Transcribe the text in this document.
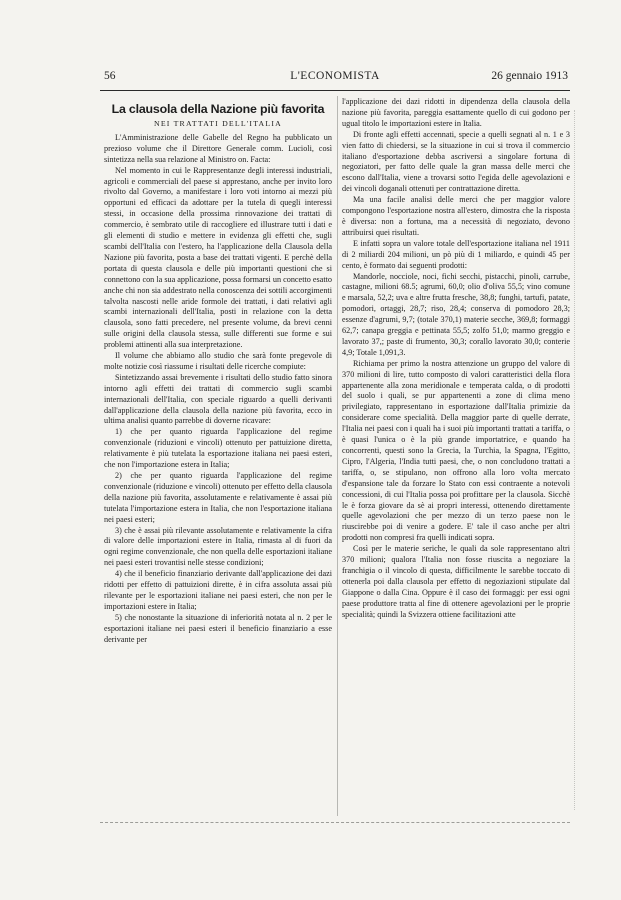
56	L'ECONOMISTA	26 gennaio 1913
La clausola della Nazione più favorita
NEI TRATTATI DELL'ITALIA

L'Amministrazione delle Gabelle del Regno ha pubblicato un prezioso volume che il Direttore Generale comm. Lucioli, così sintetizza nella sua relazione al Ministro on. Facta:

Nel momento in cui le Rappresentanze degli interessi industriali, agricoli e commerciali del paese si apprestano, anche per invito loro rivolto dal Governo, a manifestare i loro voti intorno ai mezzi più opportuni ed efficaci da adottare per la tutela di quegli interessi stessi, in occasione della prossima rinnovazione dei trattati di commercio, è sembrato utile di raccogliere ed illustrare tutti i dati e gli elementi di studio e mettere in evidenza gli effetti che, sugli scambi dell'Italia con l'estero, ha l'applicazione della Clausola della Nazione più favorita, posta a base dei trattati vigenti. E perchè della portata di questa clausola e delle più importanti questioni che si connettono con la sua applicazione, possa formarsi un concetto esatto anche chi non sia addestrato nella conoscenza dei sottili accorgimenti talvolta nascosti nelle aride formole dei trattati, i dati relativi agli scambi internazionali dell'Italia, posti in relazione con la detta clausola, sono fatti precedere, nel presente volume, da brevi cenni sulle origini della clausola stessa, sulle differenti sue forme e sui problemi attinenti alla sua interpretazione.

Il volume che abbiamo allo studio che sarà fonte pregevole di molte notizie così riassume i risultati delle ricerche compiute:

Sintetizzando assai brevemente i risultati dello studio fatto sinora intorno agli effetti dei trattati di commercio sugli scambi internazionali dell'Italia, con speciale riguardo a quelli derivanti dall'applicazione della clausola della nazione più favorita, ecco in ultima analisi quanto parrebbe di doverne ricavare:

1) che per quanto riguarda l'applicazione del regime convenzionale (riduzioni e vincoli) ottenuto per pattuizione diretta, relativamente è più tutelata la esportazione italiana nei paesi esteri, che non l'importazione estera in Italia;

2) che per quanto riguarda l'applicazione del regime convenzionale (riduzione e vincoli) ottenuto per effetto della clausola della nazione più favorita, assolutamente e relativamente è assai più tutelata l'importazione estera in Italia, che non l'esportazione italiana nei paesi esteri;

3) che è assai più rilevante assolutamente e relativamente la cifra di valore delle importazioni estere in Italia, rimasta al di fuori da ogni regime convenzionale, che non quella delle esportazioni italiane nei paesi esteri trovantisi nelle stesse condizioni;

4) che il beneficio finanziario derivante dall'applicazione dei dazi ridotti per effetto di pattuizioni dirette, è in cifra assoluta assai più rilevante per le esportazioni italiane nei paesi esteri, che non per le importazioni estere in Italia;

5) che nonostante la situazione di inferiorità notata al n. 2 per le esportazioni italiane nei paesi esteri il beneficio finanziario a esse derivante per

l'applicazione dei dazi ridotti in dipendenza della clausola della nazione più favorita, pareggia esattamente quello di cui godono per ugual titolo le importazioni estere in Italia.

Di fronte agli effetti accennati, specie a quelli segnati al n. 1 e 3 vien fatto di chiedersi, se la situazione in cui si trova il commercio italiano d'esportazione debba ascriversi a singolare fortuna di negoziatori, per fatto delle quale la gran massa delle merci che escono dall'Italia, viene a trovarsi sotto l'egida delle agevolazioni e dei vincoli doganali ottenuti per contrattazione diretta.

Ma una facile analisi delle merci che per maggior valore compongono l'esportazione nostra all'estero, dimostra che la risposta è diversa: non a fortuna, ma a necessità di negoziato, devono attribuirsi quei risultati.

E infatti sopra un valore totale dell'esportazione italiana nel 1911 di 2 miliardi 204 milioni, un pò più di 1 miliardo, e quindi 45 per cento, è formato dai seguenti prodotti:

Mandorle, nocciole, noci, fichi secchi, pistacchi, pinoli, carrube, castagne, milioni 68.5; agrumi, 60,0; olio d'oliva 55,5; vino comune e marsala, 52,2; uva e altre frutta fresche, 38,8; funghi, tartufi, patate, pomodori, ortaggi, 28,7; riso, 28,4; conserva di pomodoro 28,3; essenze d'agrumi, 9,7; (totale 370,1) materie secche, 369,8; formaggi 62,7; canapa greggia e pettinata 55,5; zolfo 51,0; marmo greggio e lavorato 37,; paste di frumento, 30,3; corallo lavorato 30,0; conterie 4,9; Totale 1,091,3.

Richiama per primo la nostra attenzione un gruppo del valore di 370 milioni di lire, tutto composto di valori caratteristici della flora appartenente alla zona meridionale e temperata calda, o di prodotti del suolo i quali, se pur appartenenti a zone di clima meno privilegiato, rappresentano in esportazione dall'Italia primizie da considerare come specialità. Della maggior parte di quelle derrate, l'Italia nei paesi con i quali ha i suoi più importanti trattati a tariffa, o è quasi l'unica o è la più grande importatrice, e quando ha concorrenti, questi sono la Grecia, la Turchia, la Spagna, l'Egitto, Cipro, l'Algeria, l'India tutti paesi, che, o non concludono trattati a tariffa, o, se stipulano, non offrono alla loro volta mercato d'espansione tale da forzare lo Stato con essi contraente a notevoli concessioni, di cui l'Italia possa poi profittare per la clausola. Sicchè le è forza giovare da sè ai propri interessi, ottenendo direttamente quelle agevolazioni che per mezzo di un terzo paese non le riuscirebbe poi di venire a godere. E' tale il caso anche per altri prodotti non compresi fra quelli indicati sopra.

Così per le materie seriche, le quali da sole rappresentano altri 370 milioni; qualora l'Italia non fosse riuscita a negoziare la franchigia o il vincolo di questa, difficilmente le sarebbe toccato di ottenerla poi dalla clausola per effetto di negoziazioni stipulate dal Giappone o dalla Cina. Oppure è il caso dei formaggi: per essi ogni paese produttore tratta al fine di ottenere agevolazioni per le proprie specialità; quindi la Svizzera ottiene facilitazioni atte
